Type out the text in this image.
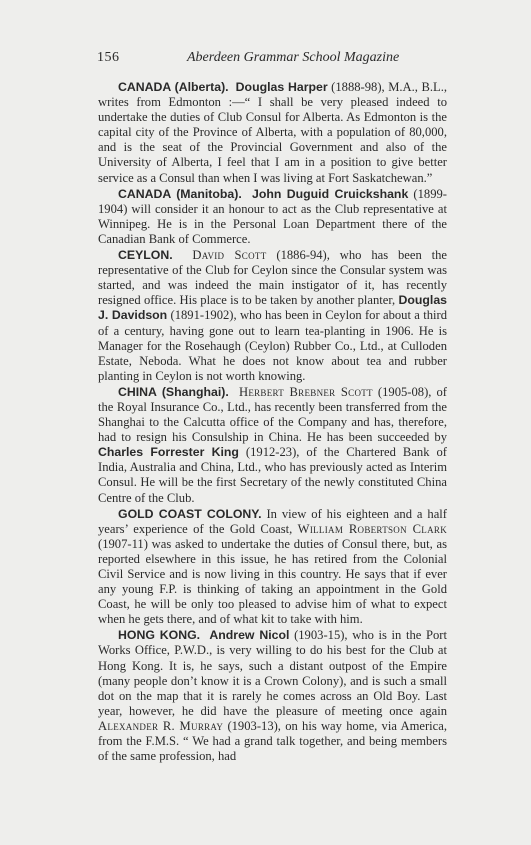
156	Aberdeen Grammar School Magazine

CANADA (Alberta). Douglas Harper (1888-98), M.A., B.L., writes from Edmonton :—“ I shall be very pleased indeed to undertake the duties of Club Consul for Alberta. As Edmonton is the capital city of the Province of Alberta, with a population of 80,000, and is the seat of the Provincial Government and also of the University of Alberta, I feel that I am in a position to give better service as a Consul than when I was living at Fort Saskatchewan.”

CANADA (Manitoba). John Duguid Cruickshank (1899-1904) will consider it an honour to act as the Club representative at Winnipeg. He is in the Personal Loan Department there of the Canadian Bank of Commerce.

CEYLON. David Scott (1886-94), who has been the representative of the Club for Ceylon since the Consular system was started, and was indeed the main instigator of it, has recently resigned office. His place is to be taken by another planter, Douglas J. Davidson (1891-1902), who has been in Ceylon for about a third of a century, having gone out to learn tea-planting in 1906. He is Manager for the Rosehaugh (Ceylon) Rubber Co., Ltd., at Culloden Estate, Neboda. What he does not know about tea and rubber planting in Ceylon is not worth knowing.

CHINA (Shanghai). Herbert Brebner Scott (1905-08), of the Royal Insurance Co., Ltd., has recently been transferred from the Shanghai to the Calcutta office of the Company and has, therefore, had to resign his Consulship in China. He has been succeeded by Charles Forrester King (1912-23), of the Chartered Bank of India, Australia and China, Ltd., who has previously acted as Interim Consul. He will be the first Secretary of the newly constituted China Centre of the Club.

GOLD COAST COLONY. In view of his eighteen and a half years’ experience of the Gold Coast, William Robertson Clark (1907-11) was asked to undertake the duties of Consul there, but, as reported elsewhere in this issue, he has retired from the Colonial Civil Service and is now living in this country. He says that if ever any young F.P. is thinking of taking an appointment in the Gold Coast, he will be only too pleased to advise him of what to expect when he gets there, and of what kit to take with him.

HONG KONG. Andrew Nicol (1903-15), who is in the Port Works Office, P.W.D., is very willing to do his best for the Club at Hong Kong. It is, he says, such a distant outpost of the Empire (many people don’t know it is a Crown Colony), and is such a small dot on the map that it is rarely he comes across an Old Boy. Last year, however, he did have the pleasure of meeting once again Alexander R. Murray (1903-13), on his way home, via America, from the F.M.S. “ We had a grand talk together, and being members of the same profession, had
